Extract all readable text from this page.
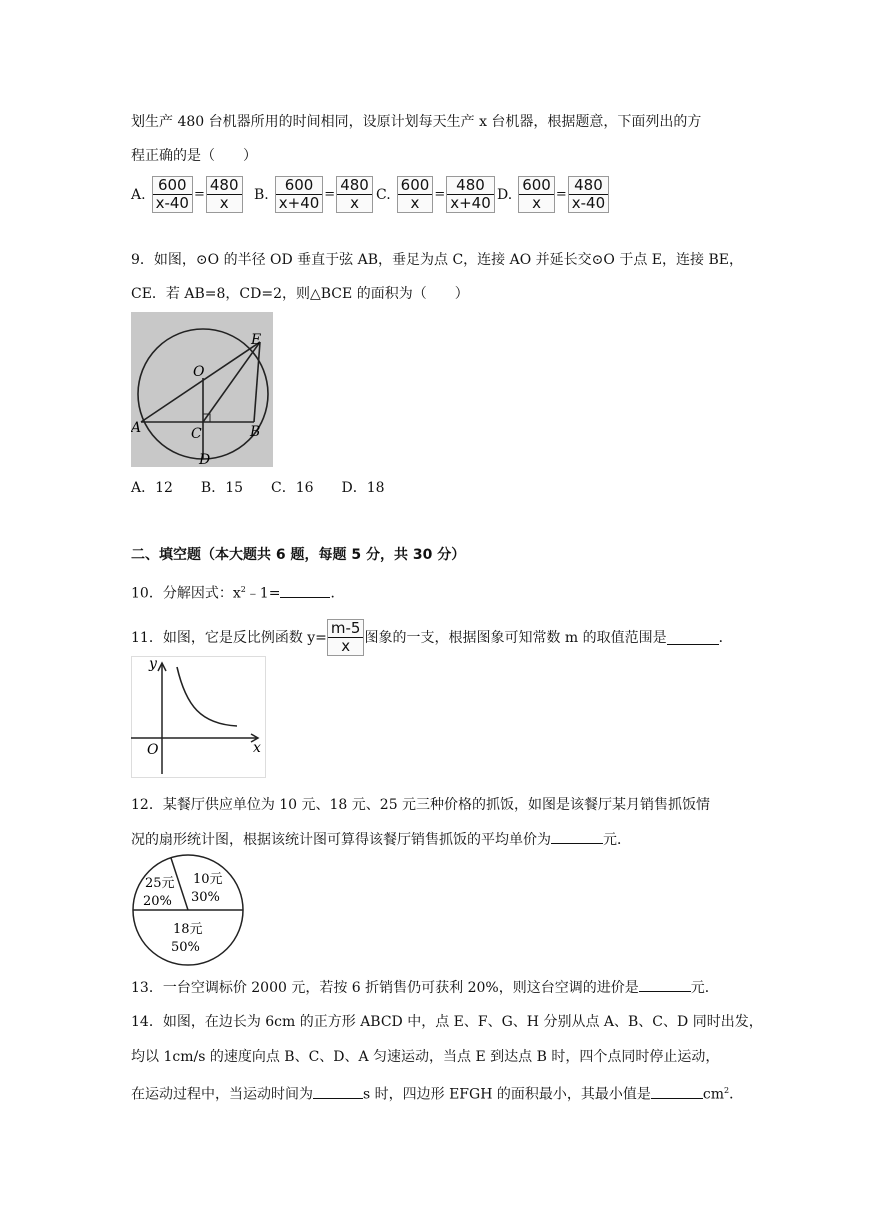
划生产 480 台机器所用的时间相同，设原计划每天生产 x 台机器，根据题意，下面列出的方
程正确的是（　　）
A. $\frac{600}{x-40} = \frac{480}{x} B$. $\frac{600}{x+40} = \frac{480}{x} C$. $\frac{600}{x} = \frac{480}{x+40} D$. $\frac{600}{x} = \frac{480}{x-40}$
9．如图，⊙O 的半径 OD 垂直于弦 AB，垂足为点 C，连接 AO 并延长交⊙O 于点 E，连接 BE，
CE．若 AB=8，CD=2，则△BCE 的面积为（　　）
O
E
A	B
C
D
A．12　　B．15　　C．16　　D．18
二、填空题（本大题共 6 题，每题 5 分，共 30 分）
10．分解因式：$x^2﹣1=$	．
11．如图，它是反比例函数 $y= \frac{m-5}{x}$ 图象的一支，根据图象可知常数 m 的取值范围是	．
y
x
O
12．某餐厅供应单位为 10 元、18 元、25 元三种价格的抓饭，如图是该餐厅某月销售抓饭情
况的扇形统计图，根据该统计图可算得该餐厅销售抓饭的平均单价为	元．
25元
20%
10元
30%
18元
50%
13．一台空调标价 2000 元，若按 6 折销售仍可获利 20%，则这台空调的进价是	元．
14．如图，在边长为 6cm 的正方形 ABCD 中，点 E、F、G、H 分别从点 A、B、C、D 同时出发，
均以 1cm/s 的速度向点 B、C、D、A 匀速运动，当点 E 到达点 B 时，四个点同时停止运动，
在运动过程中，当运动时间为	s 时，四边形 EFGH 的面积最小，其最小值是	$cm^2$．
